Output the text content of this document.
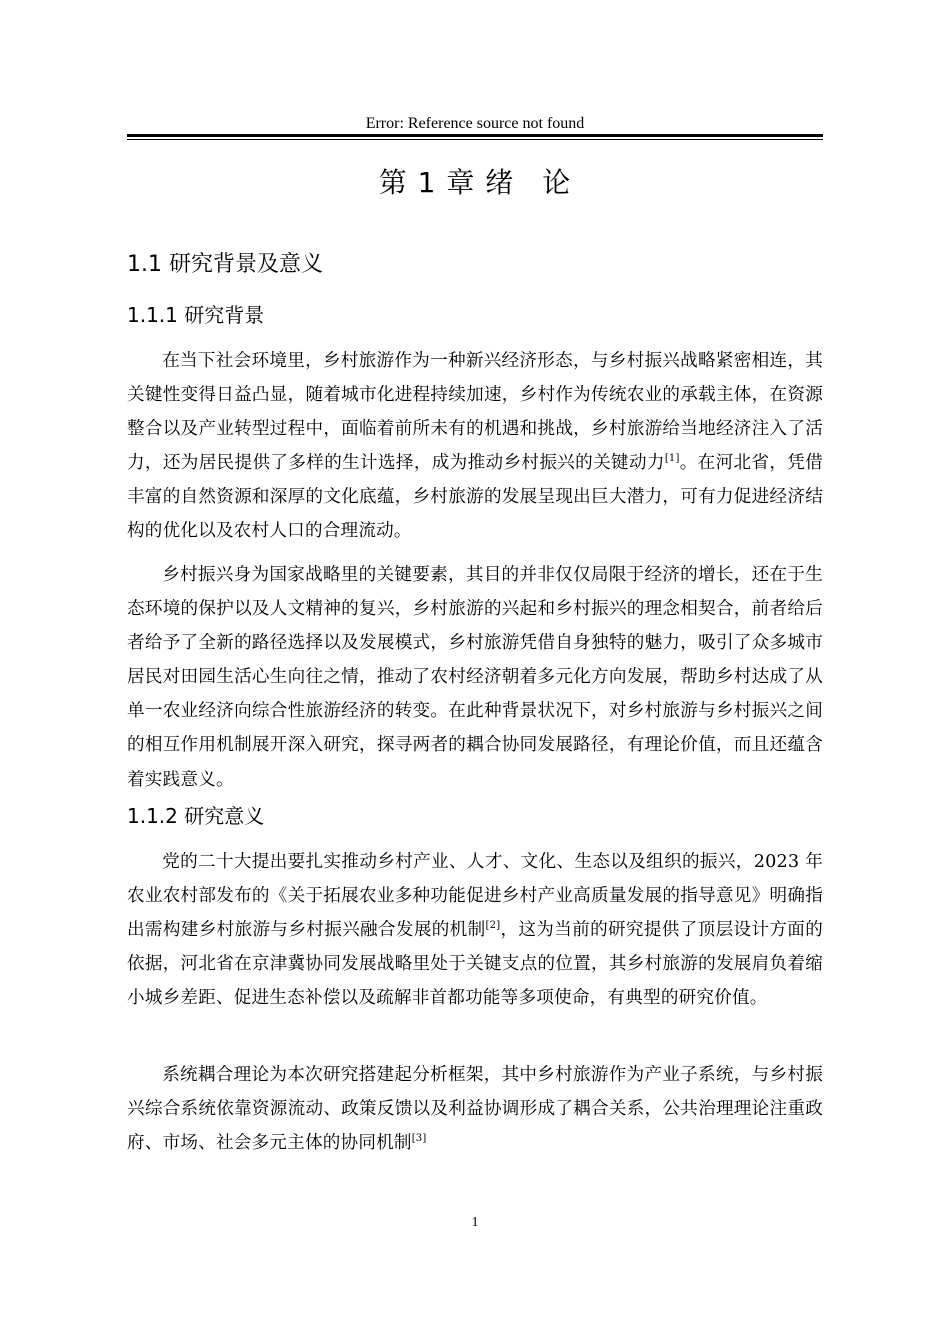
Error: Reference source not found
第 1 章 绪 论
1.1 研究背景及意义
1.1.1 研究背景

在当下社会环境里，乡村旅游作为一种新兴经济形态，与乡村振兴战略紧密相连，其关键性变得日益凸显，随着城市化进程持续加速，乡村作为传统农业的承载主体，在资源整合以及产业转型过程中，面临着前所未有的机遇和挑战，乡村旅游给当地经济注入了活力，还为居民提供了多样的生计选择，成为推动乡村振兴的关键动力[1]。在河北省，凭借丰富的自然资源和深厚的文化底蕴，乡村旅游的发展呈现出巨大潜力，可有力促进经济结构的优化以及农村人口的合理流动。

乡村振兴身为国家战略里的关键要素，其目的并非仅仅局限于经济的增长，还在于生态环境的保护以及人文精神的复兴，乡村旅游的兴起和乡村振兴的理念相契合，前者给后者给予了全新的路径选择以及发展模式，乡村旅游凭借自身独特的魅力，吸引了众多城市居民对田园生活心生向往之情，推动了农村经济朝着多元化方向发展，帮助乡村达成了从单一农业经济向综合性旅游经济的转变。在此种背景状况下，对乡村旅游与乡村振兴之间的相互作用机制展开深入研究，探寻两者的耦合协同发展路径，有理论价值，而且还蕴含着实践意义。

1.1.2 研究意义

党的二十大提出要扎实推动乡村产业、人才、文化、生态以及组织的振兴，2023 年农业农村部发布的《关于拓展农业多种功能促进乡村产业高质量发展的指导意见》明确指出需构建乡村旅游与乡村振兴融合发展的机制[2]，这为当前的研究提供了顶层设计方面的依据，河北省在京津冀协同发展战略里处于关键支点的位置，其乡村旅游的发展肩负着缩小城乡差距、促进生态补偿以及疏解非首都功能等多项使命，有典型的研究价值。

系统耦合理论为本次研究搭建起分析框架，其中乡村旅游作为产业子系统，与乡村振兴综合系统依靠资源流动、政策反馈以及利益协调形成了耦合关系，公共治理理论注重政府、市场、社会多元主体的协同机制[3]

1
